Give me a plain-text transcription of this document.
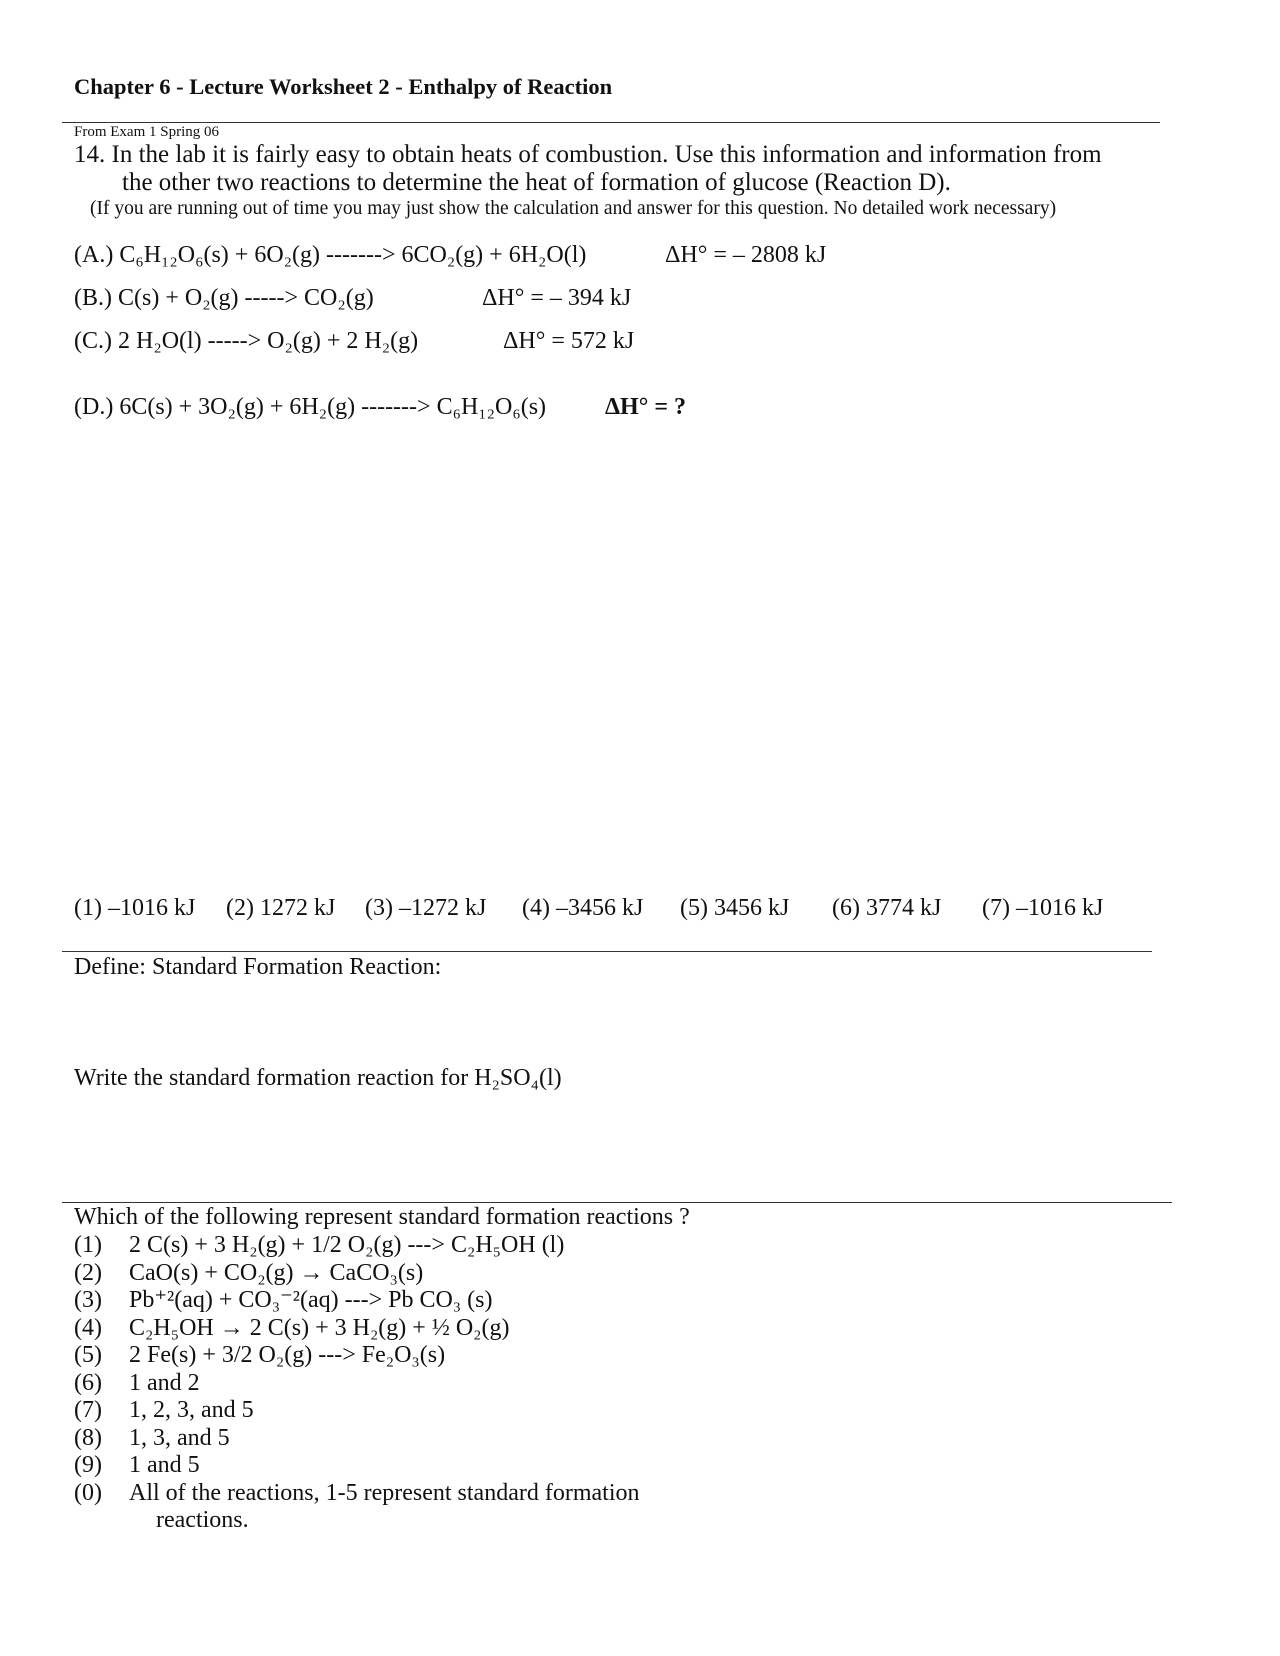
Chapter 6 - Lecture Worksheet 2 - Enthalpy of Reaction
From Exam 1 Spring 06
14. In the lab it is fairly easy to obtain heats of combustion. Use this information and information from
the other two reactions to determine the heat of formation of glucose (Reaction D).
(If you are running out of time you may just show the calculation and answer for this question. No detailed work necessary)
(A.) C₆H₁₂O₆(s) + 6O₂(g) -------> 6CO₂(g) + 6H₂O(l)	ΔH° = – 2808 kJ
(B.) C(s) + O₂(g) -----> CO₂(g)	ΔH° = – 394 kJ
(C.) 2 H₂O(l) -----> O₂(g) + 2 H₂(g)	ΔH° = 572 kJ
(D.) 6C(s) + 3O₂(g) + 6H₂(g) -------> C₆H₁₂O₆(s) ΔH° = ?
(1) –1016 kJ (2) 1272 kJ (3) –1272 kJ (4) –3456 kJ (5) 3456 kJ (6) 3774 kJ (7) –1016 kJ
Define: Standard Formation Reaction:
Write the standard formation reaction for H₂SO₄(l)
Which of the following represent standard formation reactions ?
(1)	2 C(s) + 3 H₂(g) + 1/2 O₂(g) ---> C₂H₅OH (l)
(2)	CaO(s) + CO₂(g) → CaCO₃(s)
(3)	Pb⁺²(aq) + CO₃⁻²(aq) ---> Pb CO₃ (s)
(4)	C₂H₅OH → 2 C(s) + 3 H₂(g) + ½ O₂(g)
(5)	2 Fe(s) + 3/2 O₂(g) ---> Fe₂O₃(s)
(6)	1 and 2
(7)	1, 2, 3, and 5
(8)	1, 3, and 5
(9)	1 and 5
(0)	All of the reactions, 1-5 represent standard formation
reactions.
